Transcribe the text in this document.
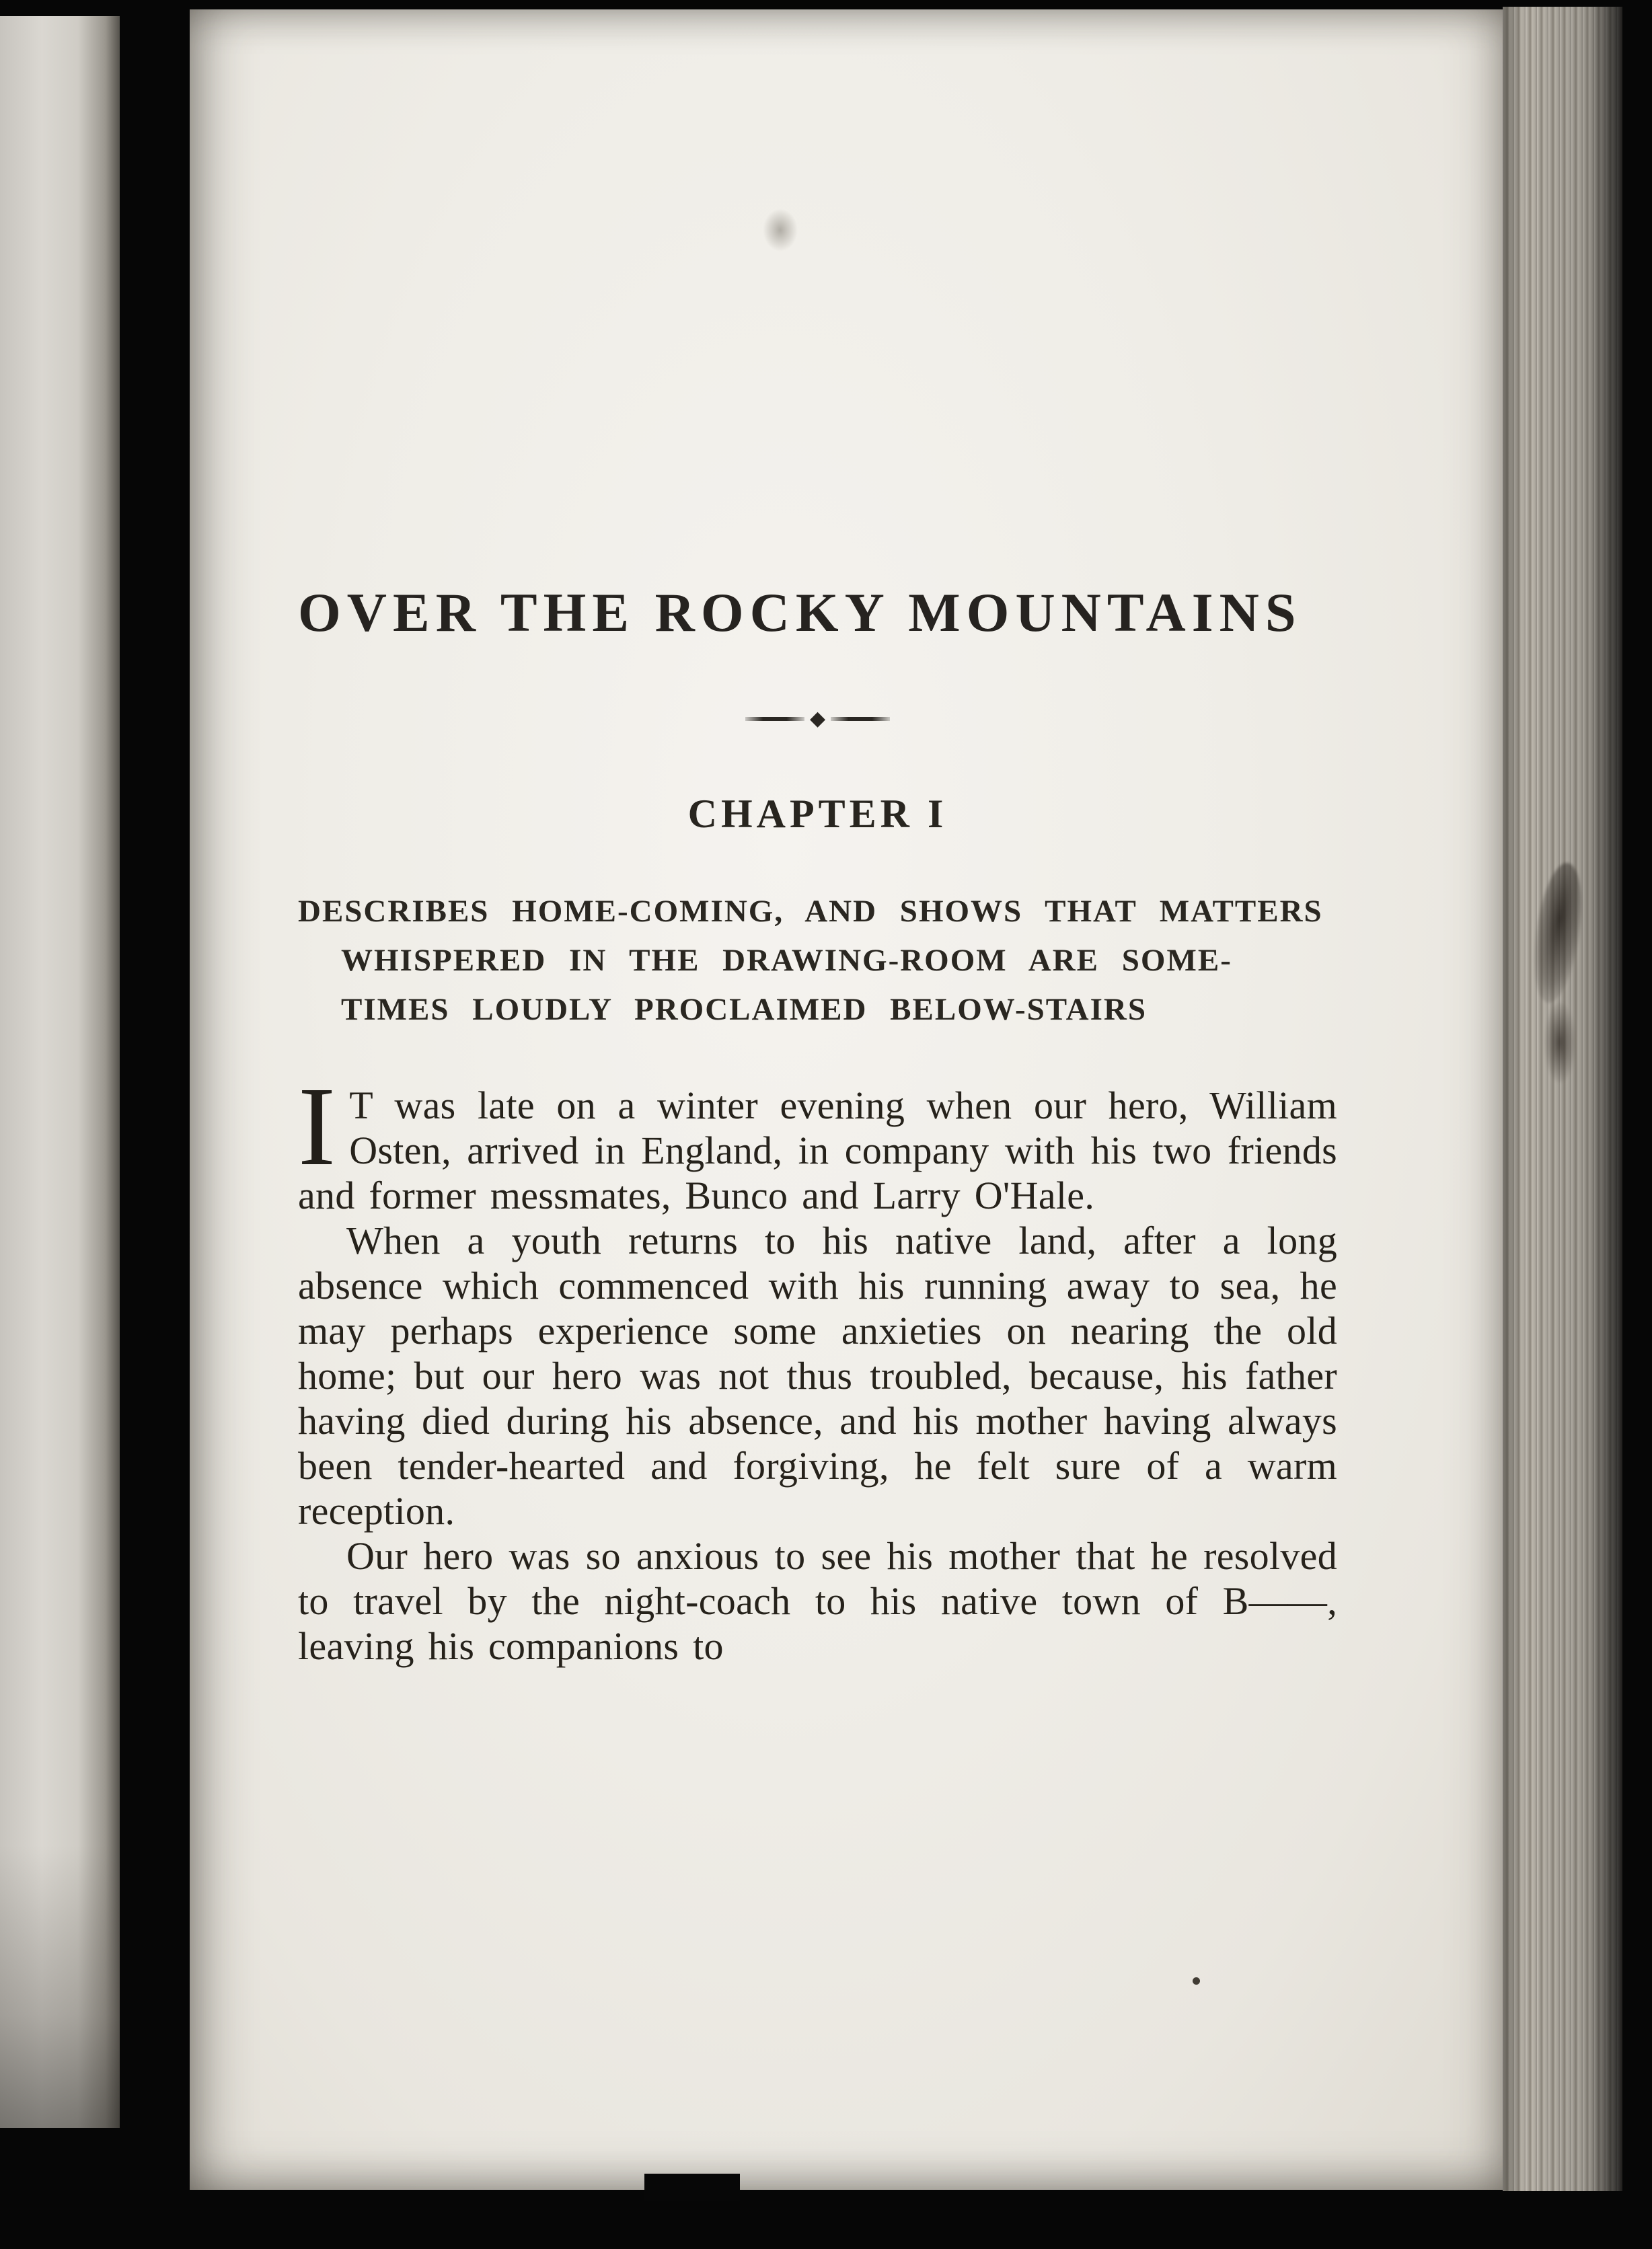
OVER THE ROCKY MOUNTAINS
◆
CHAPTER I
DESCRIBES HOME-COMING, AND SHOWS THAT MATTERS
WHISPERED IN THE DRAWING-ROOM ARE SOME-
TIMES LOUDLY PROCLAIMED BELOW-STAIRS

I T was late on a winter evening when our hero, William Osten, arrived in England, in company with his two friends and former messmates, Bunco and Larry O'Hale.

When a youth returns to his native land, after a long absence which commenced with his running away to sea, he may perhaps experience some anxieties on nearing the old home; but our hero was not thus troubled, because, his father having died during his absence, and his mother having always been tender-hearted and forgiving, he felt sure of a warm reception.

Our hero was so anxious to see his mother that he resolved to travel by the night-coach to his native town of B——, leaving his companions to
